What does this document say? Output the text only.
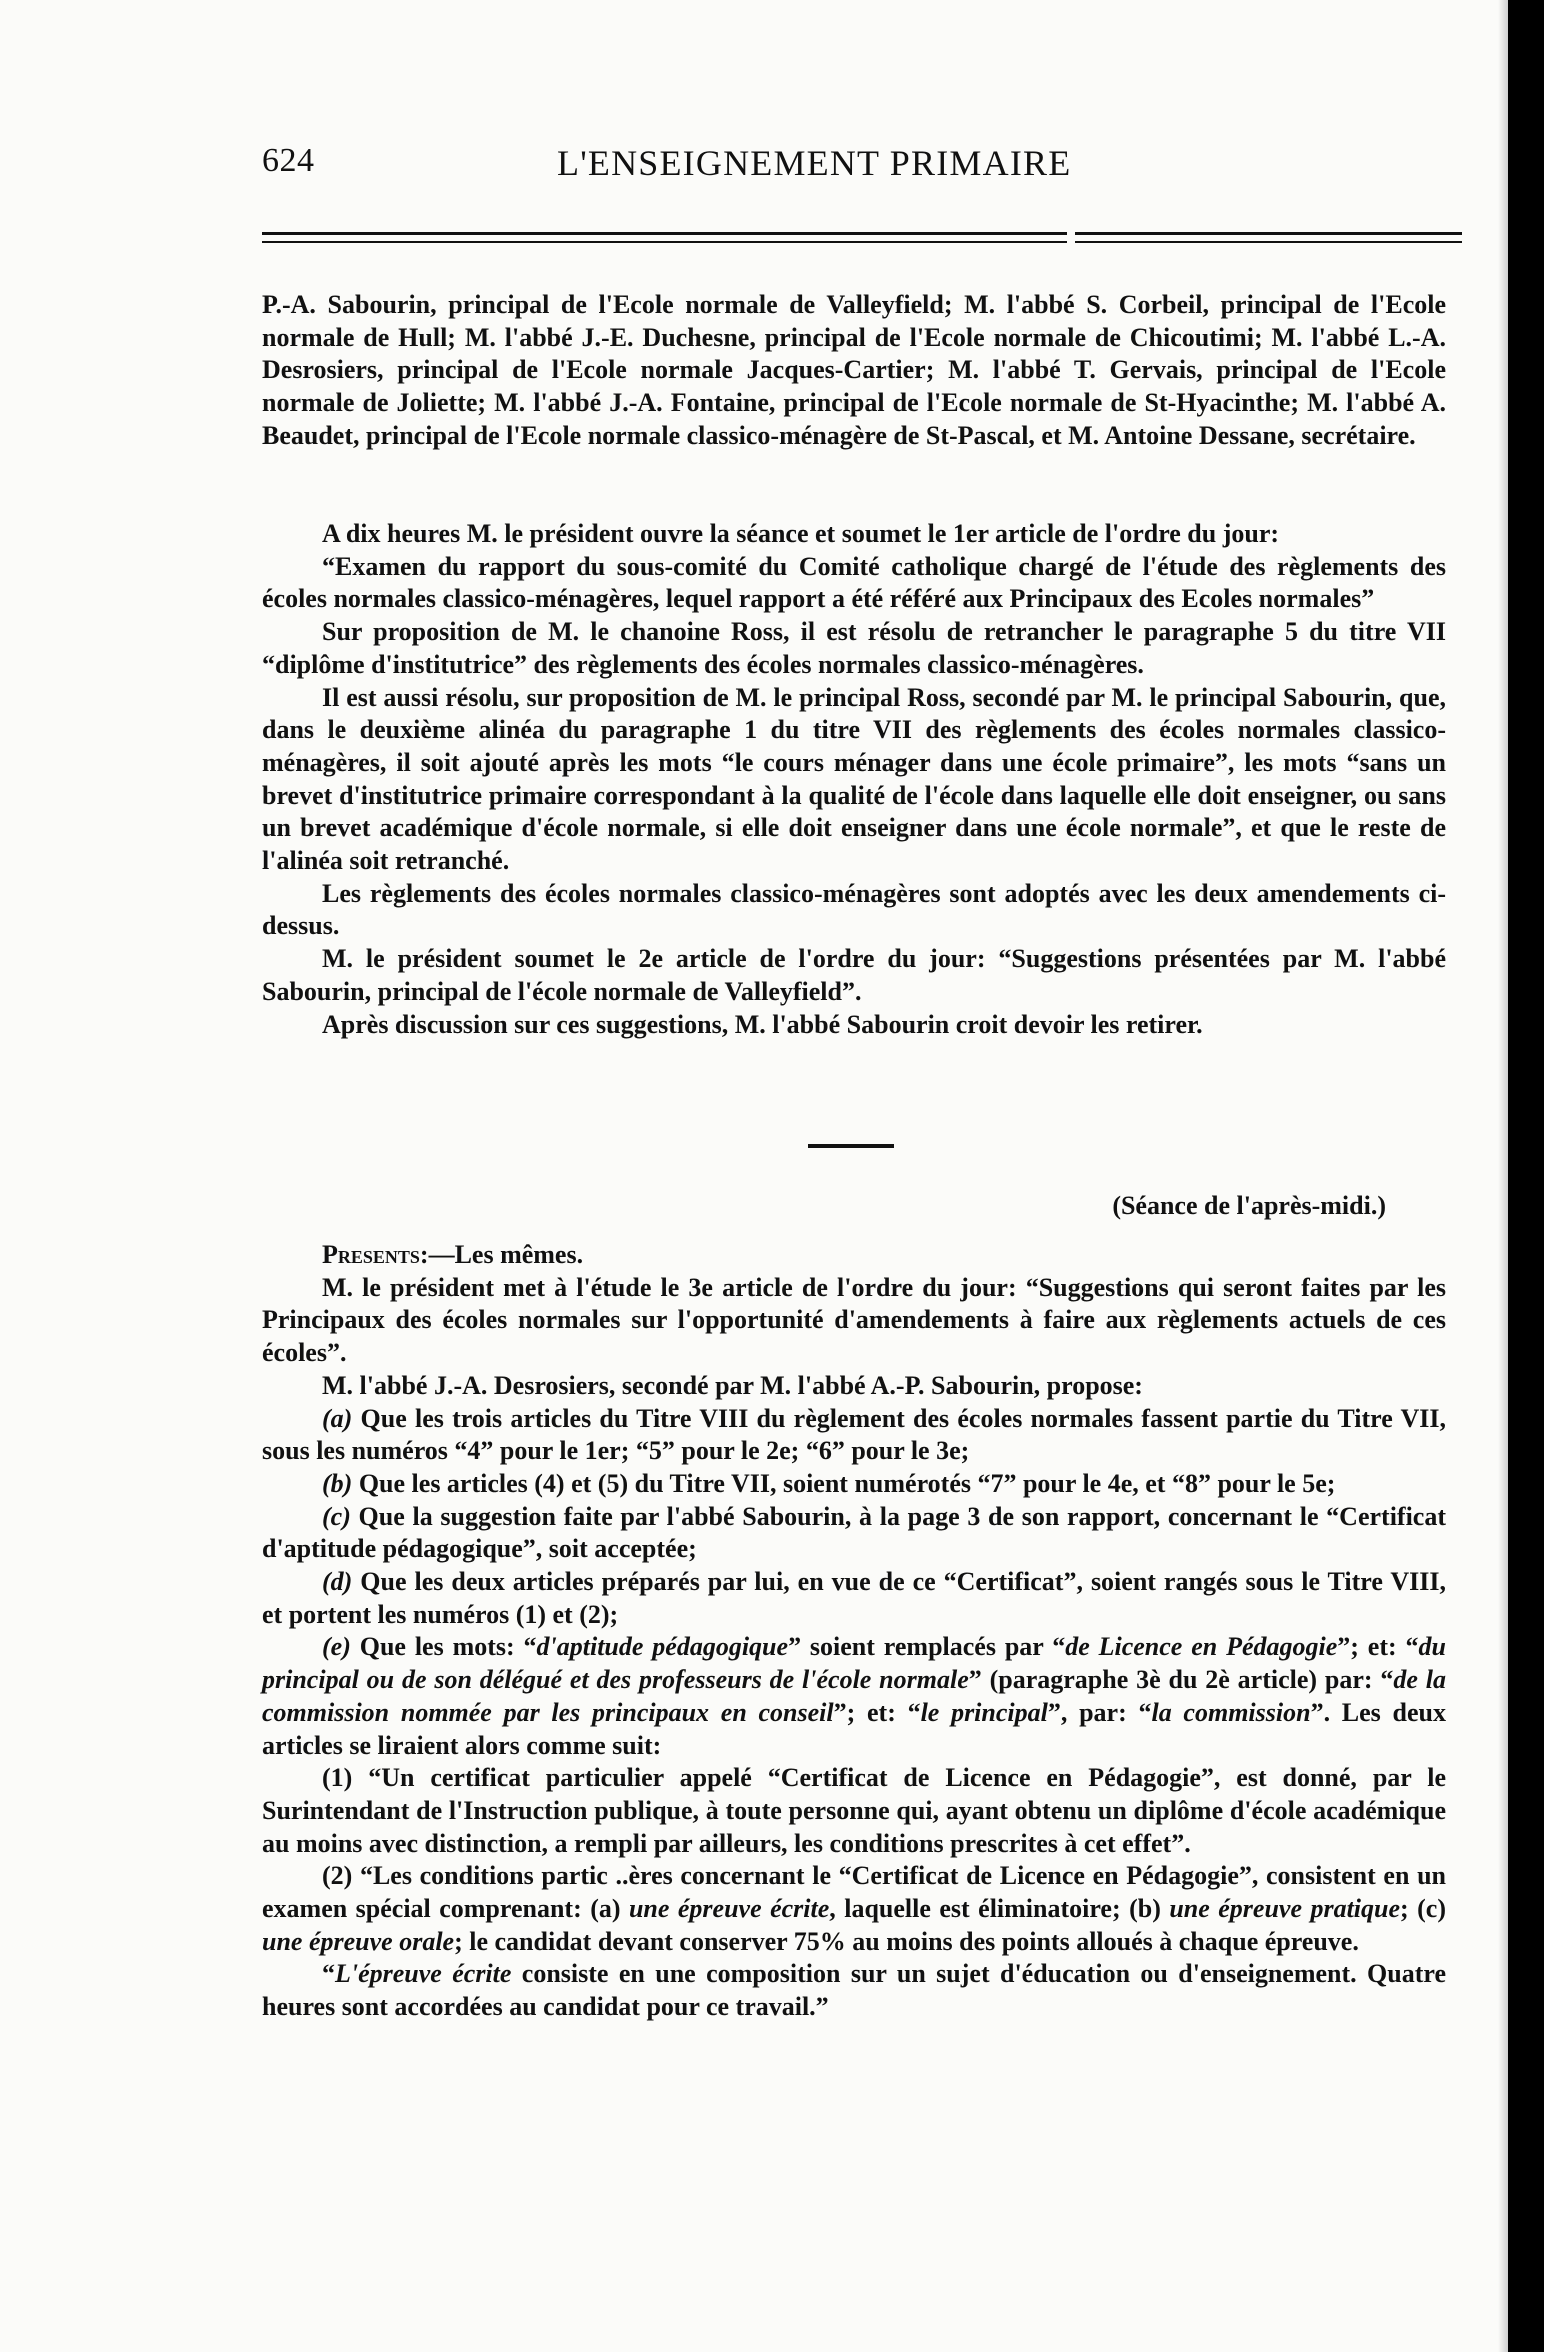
624	L'ENSEIGNEMENT PRIMAIRE

P.-A. Sabourin, principal de l'Ecole normale de Valleyfield; M. l'abbé S. Corbeil, principal de l'Ecole normale de Hull; M. l'abbé J.-E. Duchesne, principal de l'Ecole normale de Chicoutimi; M. l'abbé L.-A. Desrosiers, principal de l'Ecole normale Jacques-Cartier; M. l'abbé T. Gervais, principal de l'Ecole normale de Joliette; M. l'abbé J.-A. Fontaine, principal de l'Ecole normale de St-Hyacinthe; M. l'abbé A. Beaudet, principal de l'Ecole normale classico-ménagère de St-Pascal, et M. Antoine Dessane, secrétaire.

A dix heures M. le président ouvre la séance et soumet le 1er article de l'ordre du jour:

“Examen du rapport du sous-comité du Comité catholique chargé de l'étude des règlements des écoles normales classico-ménagères, lequel rapport a été référé aux Principaux des Ecoles normales”

Sur proposition de M. le chanoine Ross, il est résolu de retrancher le paragraphe 5 du titre VII “diplôme d'institutrice” des règlements des écoles normales classico-ménagères.

Il est aussi résolu, sur proposition de M. le principal Ross, secondé par M. le principal Sabourin, que, dans le deuxième alinéa du paragraphe 1 du titre VII des règlements des écoles normales classico-ménagères, il soit ajouté après les mots “le cours ménager dans une école primaire”, les mots “sans un brevet d'institutrice primaire correspondant à la qualité de l'école dans laquelle elle doit enseigner, ou sans un brevet académique d'école normale, si elle doit enseigner dans une école normale”, et que le reste de l'alinéa soit retranché.

Les règlements des écoles normales classico-ménagères sont adoptés avec les deux amendements ci-dessus.

M. le président soumet le 2e article de l'ordre du jour: “Suggestions présentées par M. l'abbé Sabourin, principal de l'école normale de Valleyfield”.

Après discussion sur ces suggestions, M. l'abbé Sabourin croit devoir les retirer.

(Séance de l'après-midi.)

Presents:—Les mêmes.

M. le président met à l'étude le 3e article de l'ordre du jour: “Suggestions qui seront faites par les Principaux des écoles normales sur l'opportunité d'amendements à faire aux règlements actuels de ces écoles”.

M. l'abbé J.-A. Desrosiers, secondé par M. l'abbé A.-P. Sabourin, propose:

(a) Que les trois articles du Titre VIII du règlement des écoles normales fassent partie du Titre VII, sous les numéros “4” pour le 1er; “5” pour le 2e; “6” pour le 3e;

(b) Que les articles (4) et (5) du Titre VII, soient numérotés “7” pour le 4e, et “8” pour le 5e;

(c) Que la suggestion faite par l'abbé Sabourin, à la page 3 de son rapport, concernant le “Certificat d'aptitude pédagogique”, soit acceptée;

(d) Que les deux articles préparés par lui, en vue de ce “Certificat”, soient rangés sous le Titre VIII, et portent les numéros (1) et (2);

(e) Que les mots: “d'aptitude pédagogique” soient remplacés par “de Licence en Pédagogie”; et: “du principal ou de son délégué et des professeurs de l'école normale” (paragraphe 3è du 2è article) par: “de la commission nommée par les principaux en conseil”; et: “le principal”, par: “la commission”. Les deux articles se liraient alors comme suit:

(1) “Un certificat particulier appelé “Certificat de Licence en Pédagogie”, est donné, par le Surintendant de l'Instruction publique, à toute personne qui, ayant obtenu un diplôme d'école académique au moins avec distinction, a rempli par ailleurs, les conditions prescrites à cet effet”.

(2) “Les conditions partic ..ères concernant le “Certificat de Licence en Pédagogie”, consistent en un examen spécial comprenant: (a) une épreuve écrite, laquelle est éliminatoire; (b) une épreuve pratique; (c) une épreuve orale; le candidat devant conserver 75% au moins des points alloués à chaque épreuve.

“L'épreuve écrite consiste en une composition sur un sujet d'éducation ou d'enseignement. Quatre heures sont accordées au candidat pour ce travail.”
